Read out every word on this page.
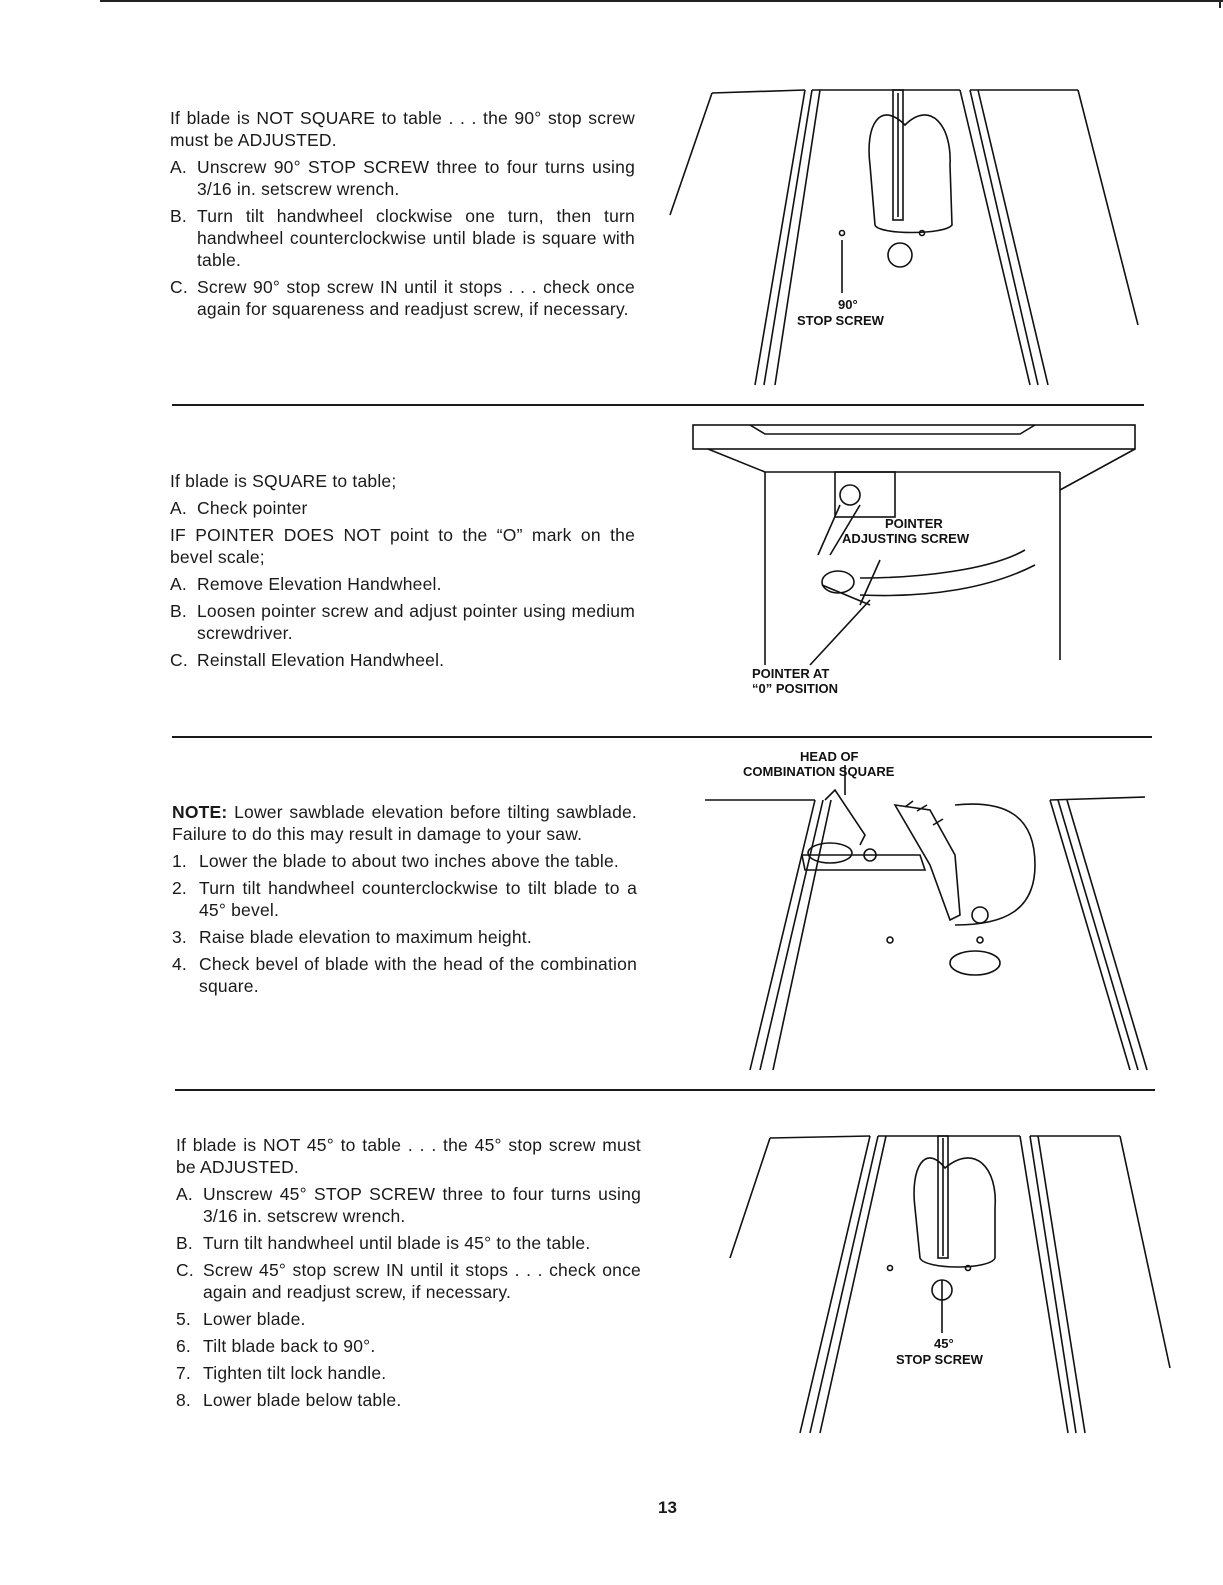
If blade is NOT SQUARE to table . . . the 90° stop screw must be ADJUSTED.

A. Unscrew 90° STOP SCREW three to four turns using 3/16 in. setscrew wrench.
B. Turn tilt handwheel clockwise one turn, then turn handwheel counterclockwise until blade is square with table.
C. Screw 90° stop screw IN until it stops . . . check once again for squareness and readjust screw, if necessary.	90°
STOP SCREW

If blade is SQUARE to table;

A. Check pointer

IF POINTER DOES NOT point to the “O” mark on the bevel scale;

A. Remove Elevation Handwheel.
B. Loosen pointer screw and adjust pointer using medium screwdriver.
C. Reinstall Elevation Handwheel.
POINTER
ADJUSTING SCREW
POINTER AT
“0” POSITION

NOTE: Lower sawblade elevation before tilting sawblade. Failure to do this may result in damage to your saw.

1. Lower the blade to about two inches above the table.
2. Turn tilt handwheel counterclockwise to tilt blade to a 45° bevel.
3. Raise blade elevation to maximum height.
4. Check bevel of blade with the head of the combination square.
HEAD OF
COMBINATION SQUARE

If blade is NOT 45° to table . . . the 45° stop screw must be ADJUSTED.

A. Unscrew 45° STOP SCREW three to four turns using 3/16 in. setscrew wrench.
B. Turn tilt handwheel until blade is 45° to the table.
C. Screw 45° stop screw IN until it stops . . . check once again and readjust screw, if necessary.
5. Lower blade.
6. Tilt blade back to 90°.
7. Tighten tilt lock handle.
8. Lower blade below table.
45°
STOP SCREW
13
